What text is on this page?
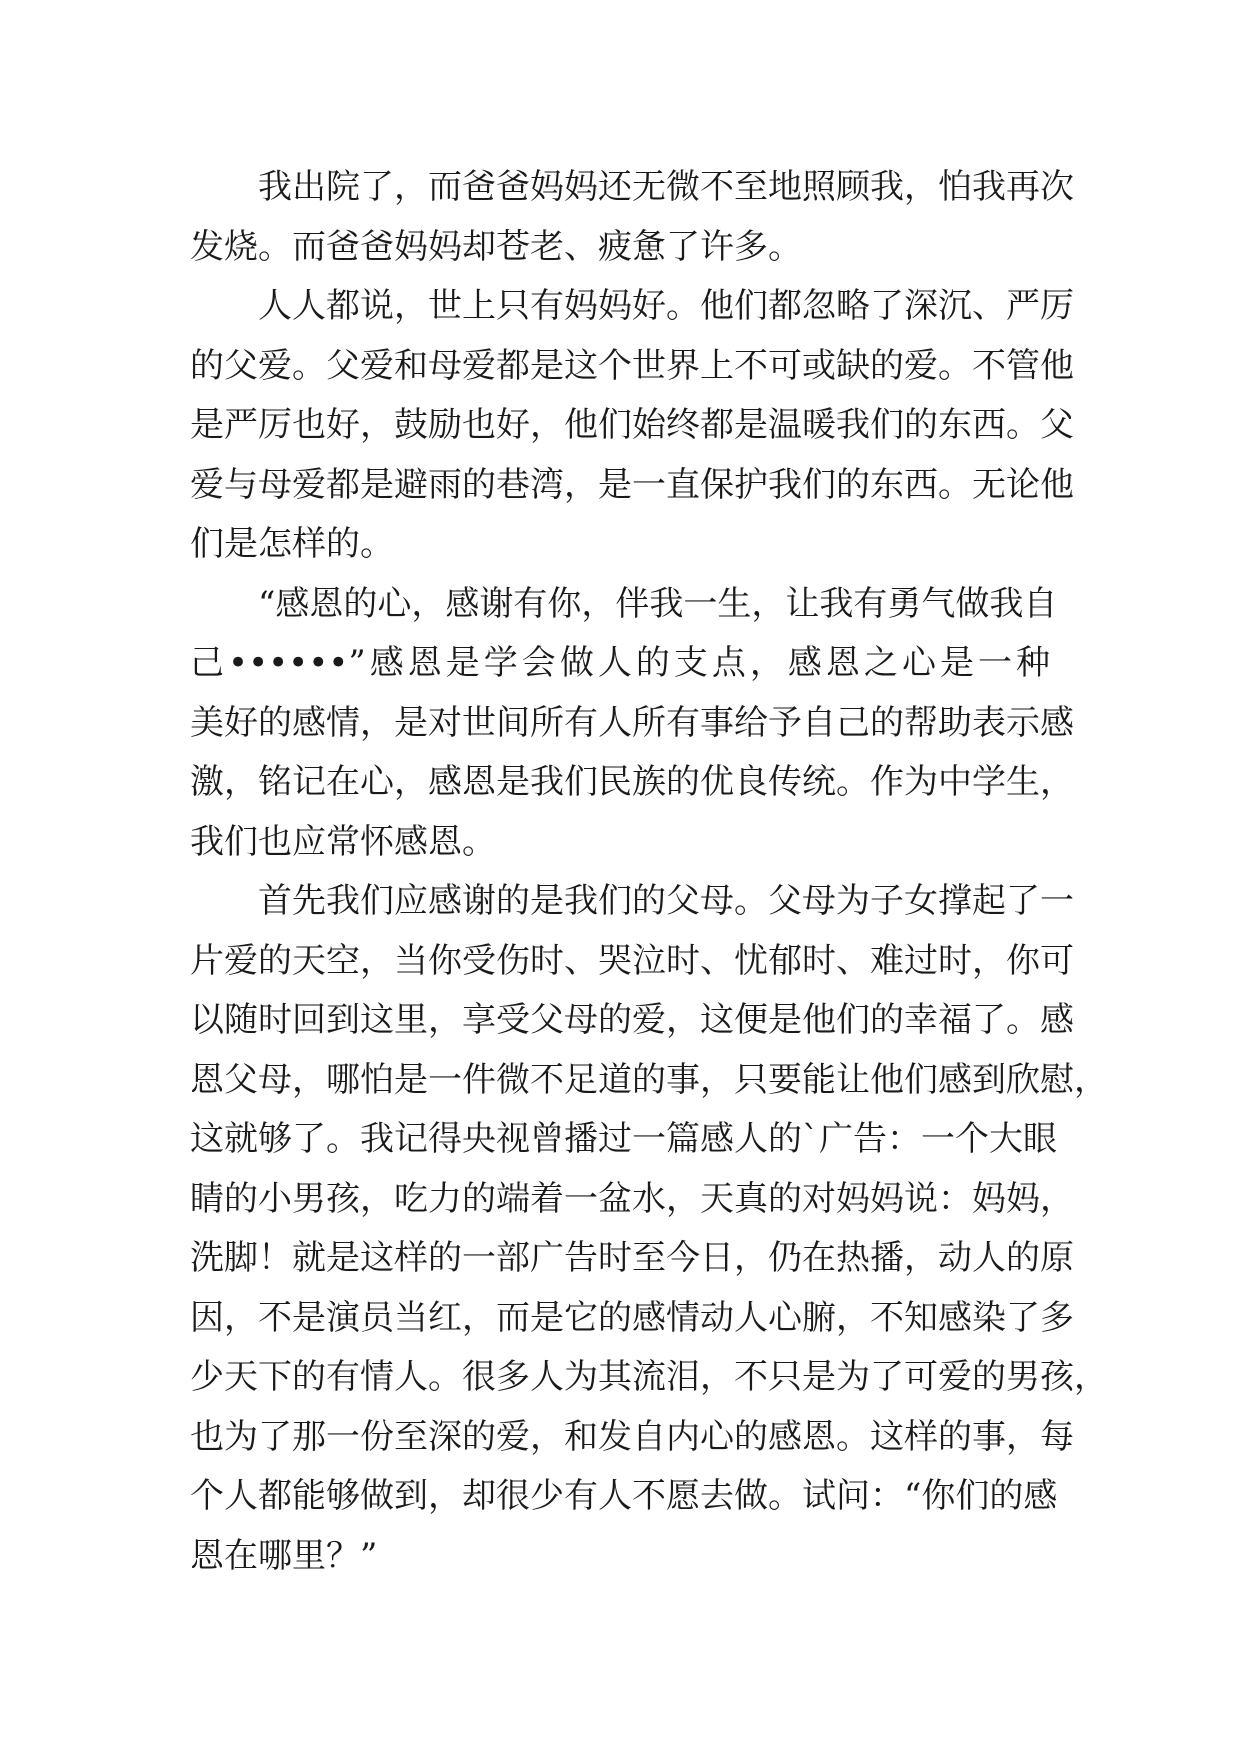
我出院了，而爸爸妈妈还无微不至地照顾我，怕我再次
发烧。而爸爸妈妈却苍老、疲惫了许多。
人人都说，世上只有妈妈好。他们都忽略了深沉、严厉
的父爱。父爱和母爱都是这个世界上不可或缺的爱。不管他
是严厉也好，鼓励也好，他们始终都是温暖我们的东西。父
爱与母爱都是避雨的巷湾，是一直保护我们的东西。无论他
们是怎样的。
“感恩的心，感谢有你，伴我一生，让我有勇气做我自
己••••••”感恩是学会做人的支点，感恩之心是一种
美好的感情，是对世间所有人所有事给予自己的帮助表示感
激，铭记在心，感恩是我们民族的优良传统。作为中学生，
我们也应常怀感恩。
首先我们应感谢的是我们的父母。父母为子女撑起了一
片爱的天空，当你受伤时、哭泣时、忧郁时、难过时，你可
以随时回到这里，享受父母的爱，这便是他们的幸福了。感
恩父母，哪怕是一件微不足道的事，只要能让他们感到欣慰，
这就够了。我记得央视曾播过一篇感人的`广告：一个大眼
睛的小男孩，吃力的端着一盆水，天真的对妈妈说：妈妈，
洗脚！就是这样的一部广告时至今日，仍在热播，动人的原
因，不是演员当红，而是它的感情动人心腑，不知感染了多
少天下的有情人。很多人为其流泪，不只是为了可爱的男孩，
也为了那一份至深的爱，和发自内心的感恩。这样的事，每
个人都能够做到，却很少有人不愿去做。试问：“你们的感
恩在哪里？”
